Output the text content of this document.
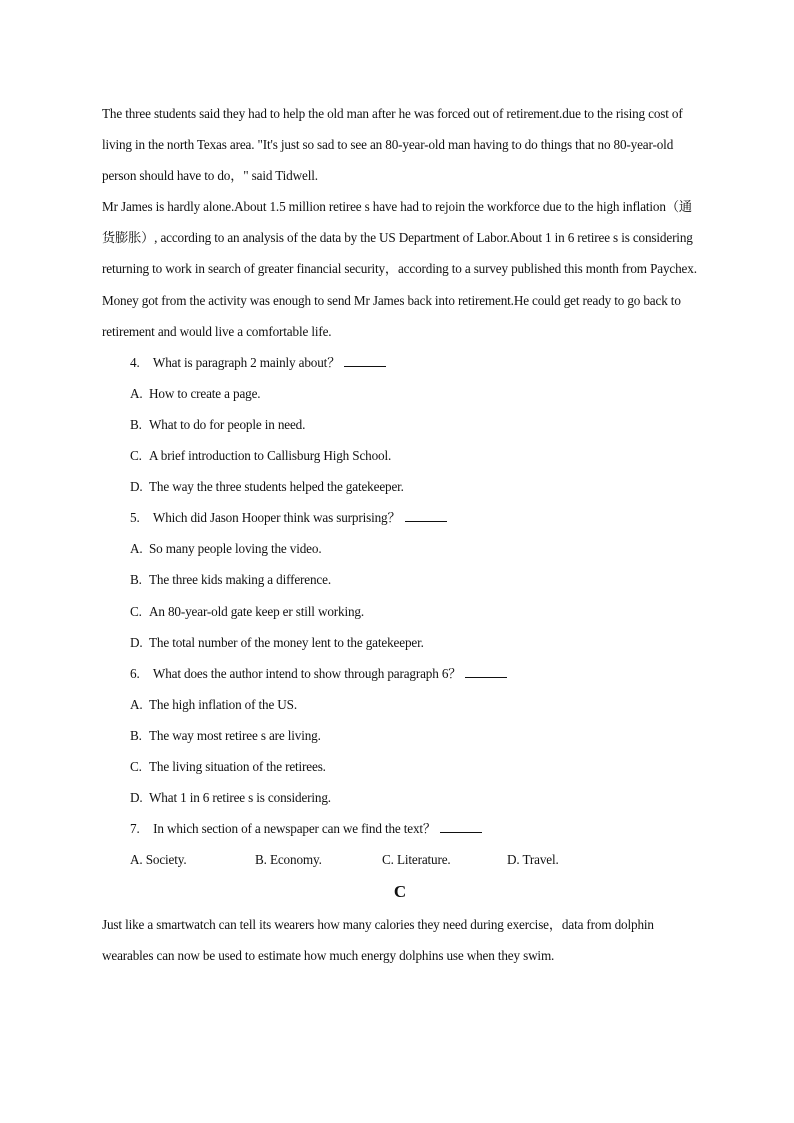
The three students said they had to help the old man after he was forced out of retirement.due to the rising cost of living in the north Texas area. "It's just so sad to see an 80-year-old man having to do things that no 80-year-old person should have to do，" said Tidwell.

Mr James is hardly alone.About 1.5 million retiree s have had to rejoin the workforce due to the high inflation（通货膨胀）, according to an analysis of the data by the US Department of Labor.About 1 in 6 retiree s is considering returning to work in search of greater financial security，according to a survey published this month from Paychex.

Money got from the activity was enough to send Mr James back into retirement.He could get ready to go back to retirement and would live a comfortable life.

4. What is paragraph 2 mainly about？

A. How to create a page.

B. What to do for people in need.

C. A brief introduction to Callisburg High School.

D. The way the three students helped the gatekeeper.

5. Which did Jason Hooper think was surprising？

A. So many people loving the video.

B. The three kids making a difference.

C. An 80-year-old gate keep er still working.

D. The total number of the money lent to the gatekeeper.

6. What does the author intend to show through paragraph 6？

A. The high inflation of the US.

B. The way most retiree s are living.

C. The living situation of the retirees.

D. What 1 in 6 retiree s is considering.

7. In which section of a newspaper can we find the text？

A. Society.	B. Economy.	C. Literature.	D. Travel.

C

Just like a smartwatch can tell its wearers how many calories they need during exercise，data from dolphin wearables can now be used to estimate how much energy dolphins use when they swim.
